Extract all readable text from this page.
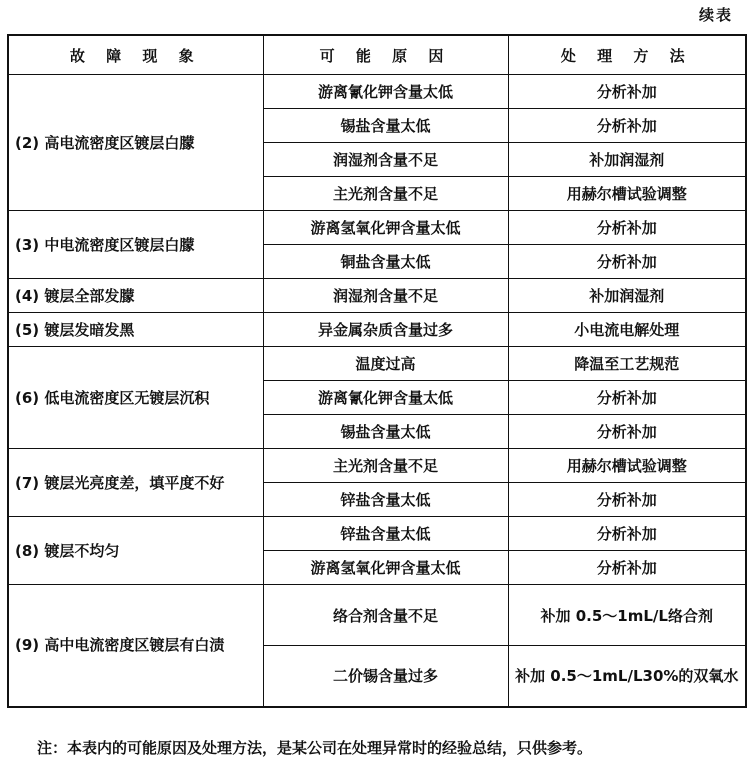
续表
故 障 现 象	可 能 原 因	处 理 方 法
(2) 高电流密度区镀层白朦	游离氰化钾含量太低	分析补加
	锡盐含量太低	分析补加
	润湿剂含量不足	补加润湿剂
	主光剂含量不足	用赫尔槽试验调整
(3) 中电流密度区镀层白朦	游离氢氧化钾含量太低	分析补加
	铜盐含量太低	分析补加
(4) 镀层全部发朦	润湿剂含量不足	补加润湿剂
(5) 镀层发暗发黑	异金属杂质含量过多	小电流电解处理
(6) 低电流密度区无镀层沉积	温度过高	降温至工艺规范
	游离氰化钾含量太低	分析补加
	锡盐含量太低	分析补加
(7) 镀层光亮度差，填平度不好	主光剂含量不足	用赫尔槽试验调整
	锌盐含量太低	分析补加
(8) 镀层不均匀	锌盐含量太低	分析补加
	游离氢氧化钾含量太低	分析补加
(9) 高中电流密度区镀层有白渍	络合剂含量不足	补加 0.5～1mL/L络合剂
	二价锡含量过多	补加 0.5～1mL/L30%的双氧水
注：本表内的可能原因及处理方法，是某公司在处理异常时的经验总结，只供参考。
